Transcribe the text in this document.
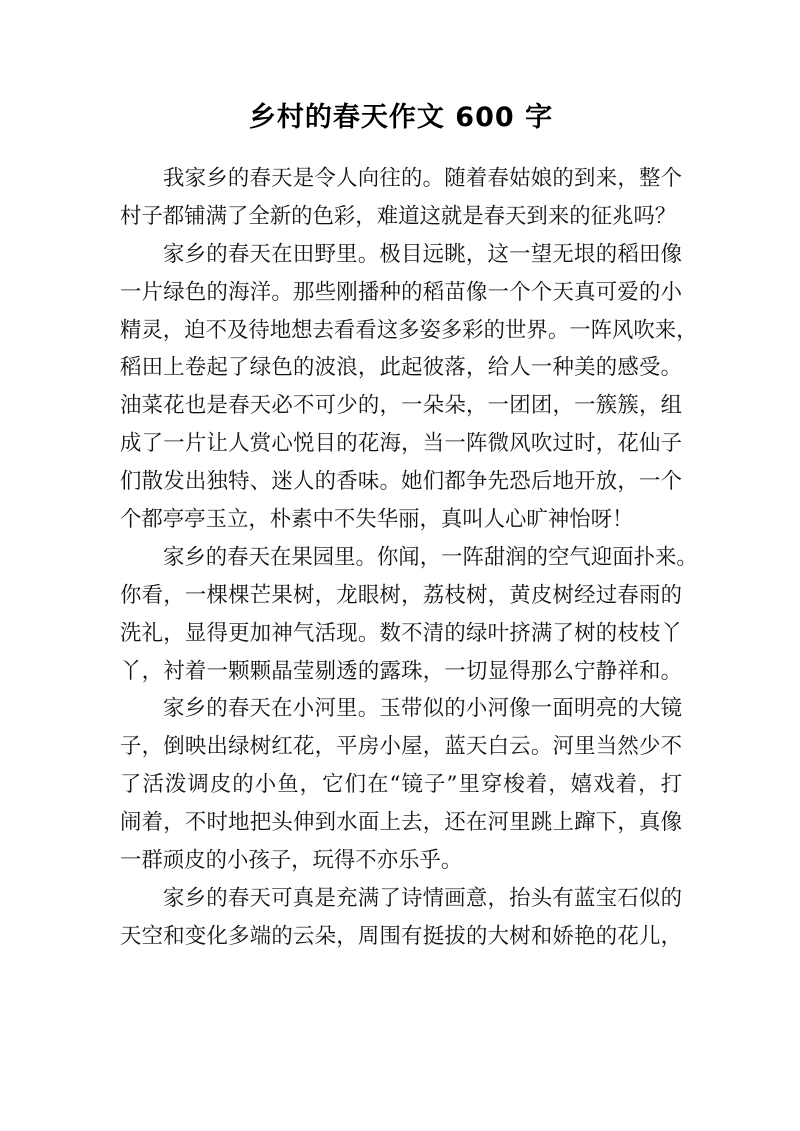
乡村的春天作文 600 字
我家乡的春天是令人向往的。随着春姑娘的到来，整个
村子都铺满了全新的色彩，难道这就是春天到来的征兆吗？
家乡的春天在田野里。极目远眺，这一望无垠的稻田像
一片绿色的海洋。那些刚播种的稻苗像一个个天真可爱的小
精灵，迫不及待地想去看看这多姿多彩的世界。一阵风吹来，
稻田上卷起了绿色的波浪，此起彼落，给人一种美的感受。
油菜花也是春天必不可少的，一朵朵，一团团，一簇簇，组
成了一片让人赏心悦目的花海，当一阵微风吹过时，花仙子
们散发出独特、迷人的香味。她们都争先恐后地开放，一个
个都亭亭玉立，朴素中不失华丽，真叫人心旷神怡呀！
家乡的春天在果园里。你闻，一阵甜润的空气迎面扑来。
你看，一棵棵芒果树，龙眼树，荔枝树，黄皮树经过春雨的
洗礼，显得更加神气活现。数不清的绿叶挤满了树的枝枝丫
丫，衬着一颗颗晶莹剔透的露珠，一切显得那么宁静祥和。
家乡的春天在小河里。玉带似的小河像一面明亮的大镜
子，倒映出绿树红花，平房小屋，蓝天白云。河里当然少不
了活泼调皮的小鱼，它们在“镜子”里穿梭着，嬉戏着，打
闹着，不时地把头伸到水面上去，还在河里跳上蹿下，真像
一群顽皮的小孩子，玩得不亦乐乎。
家乡的春天可真是充满了诗情画意，抬头有蓝宝石似的
天空和变化多端的云朵，周围有挺拔的大树和娇艳的花儿，
